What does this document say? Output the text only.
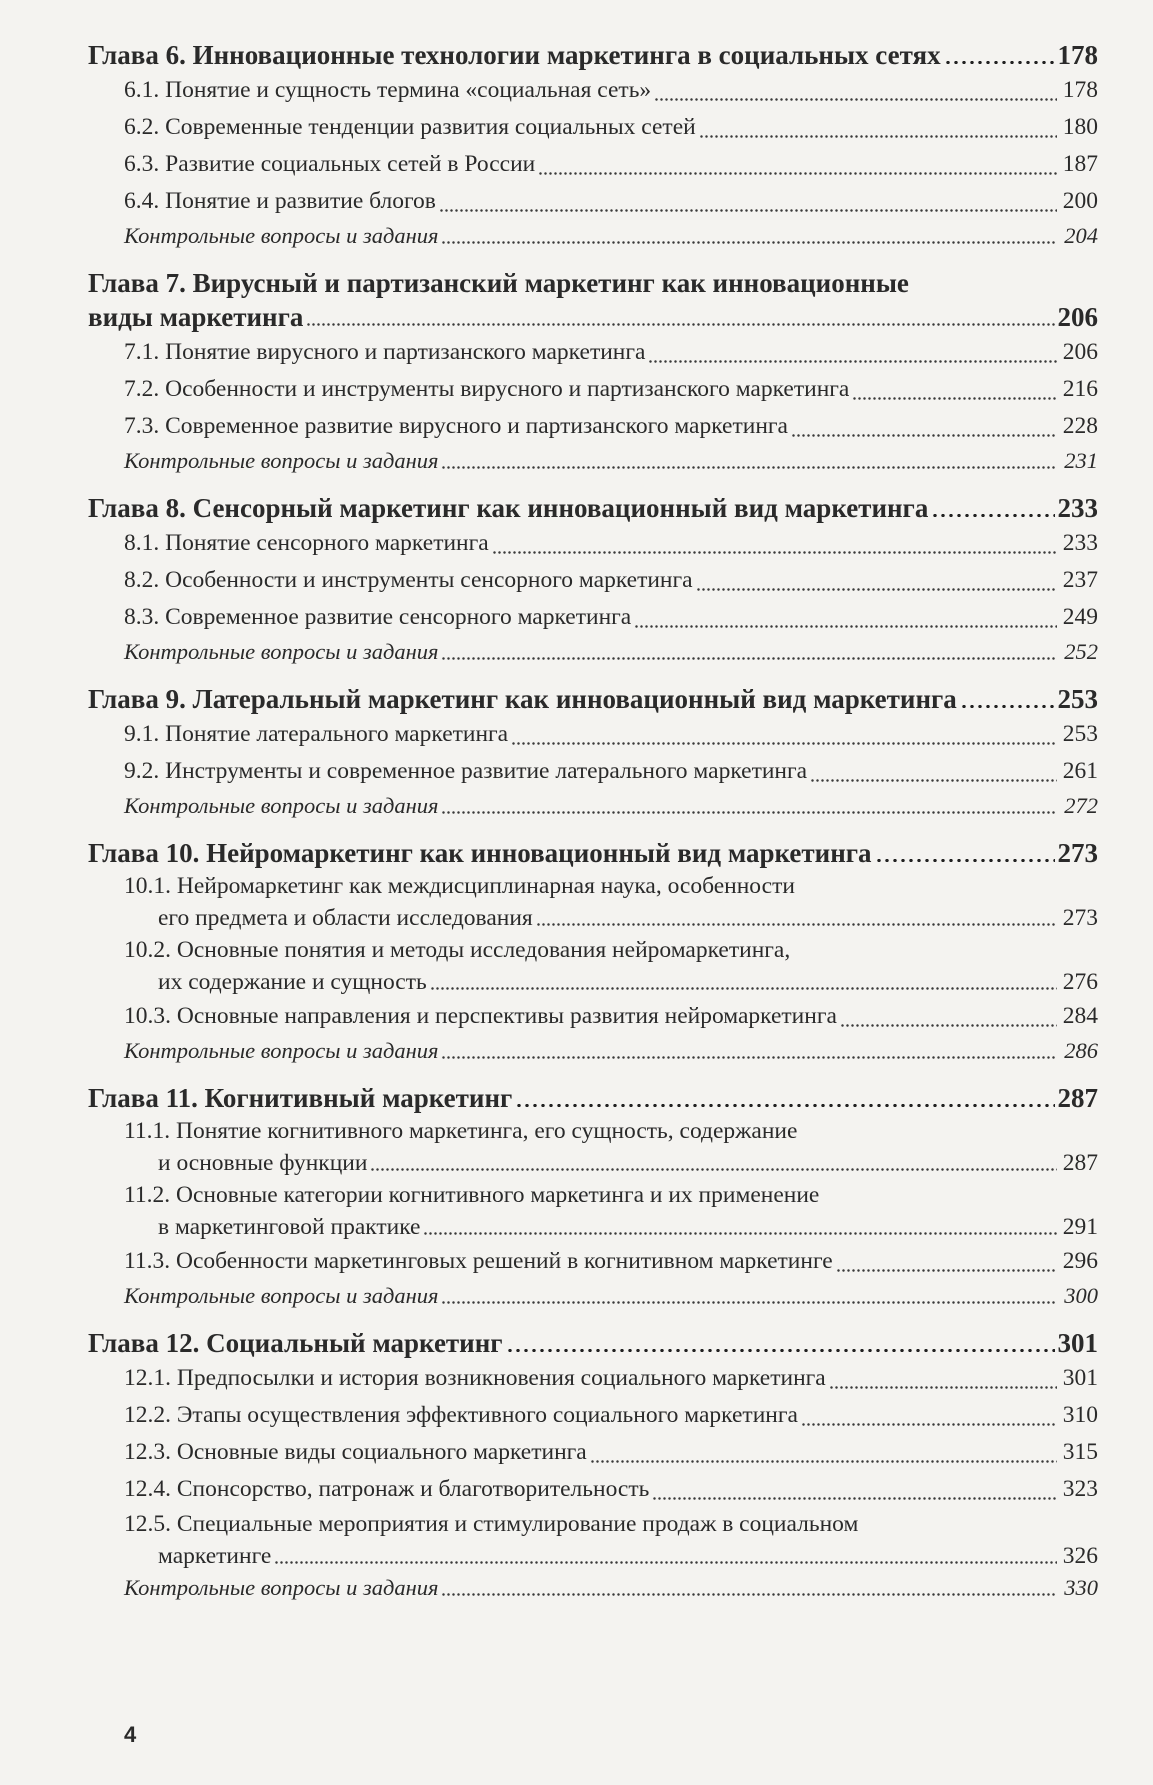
Глава 6. Инновационные технологии маркетинга в социальных сетях	178
6.1. Понятие и сущность термина «социальная сеть»	178
6.2. Современные тенденции развития социальных сетей	180
6.3. Развитие социальных сетей в России	187
6.4. Понятие и развитие блогов	200
Контрольные вопросы и задания	204
Глава 7. Вирусный и партизанский маркетинг как инновационные
виды маркетинга	206
7.1. Понятие вирусного и партизанского маркетинга	206
7.2. Особенности и инструменты вирусного и партизанского маркетинга	216
7.3. Современное развитие вирусного и партизанского маркетинга	228
Контрольные вопросы и задания	231
Глава 8. Сенсорный маркетинг как инновационный вид маркетинга	233
8.1. Понятие сенсорного маркетинга	233
8.2. Особенности и инструменты сенсорного маркетинга	237
8.3. Современное развитие сенсорного маркетинга	249
Контрольные вопросы и задания	252
Глава 9. Латеральный маркетинг как инновационный вид маркетинга	253
9.1. Понятие латерального маркетинга	253
9.2. Инструменты и современное развитие латерального маркетинга	261
Контрольные вопросы и задания	272
Глава 10. Нейромаркетинг как инновационный вид маркетинга	273
10.1. Нейромаркетинг как междисциплинарная наука, особенности
его предмета и области исследования	273
10.2. Основные понятия и методы исследования нейромаркетинга,
их содержание и сущность	276
10.3. Основные направления и перспективы развития нейромаркетинга	284
Контрольные вопросы и задания	286
Глава 11. Когнитивный маркетинг	287
11.1. Понятие когнитивного маркетинга, его сущность, содержание
и основные функции	287
11.2. Основные категории когнитивного маркетинга и их применение
в маркетинговой практике	291
11.3. Особенности маркетинговых решений в когнитивном маркетинге	296
Контрольные вопросы и задания	300
Глава 12. Социальный маркетинг	301
12.1. Предпосылки и история возникновения социального маркетинга	301
12.2. Этапы осуществления эффективного социального маркетинга	310
12.3. Основные виды социального маркетинга	315
12.4. Спонсорство, патронаж и благотворительность	323
12.5. Специальные мероприятия и стимулирование продаж в социальном
маркетинге	326
Контрольные вопросы и задания	330
4
